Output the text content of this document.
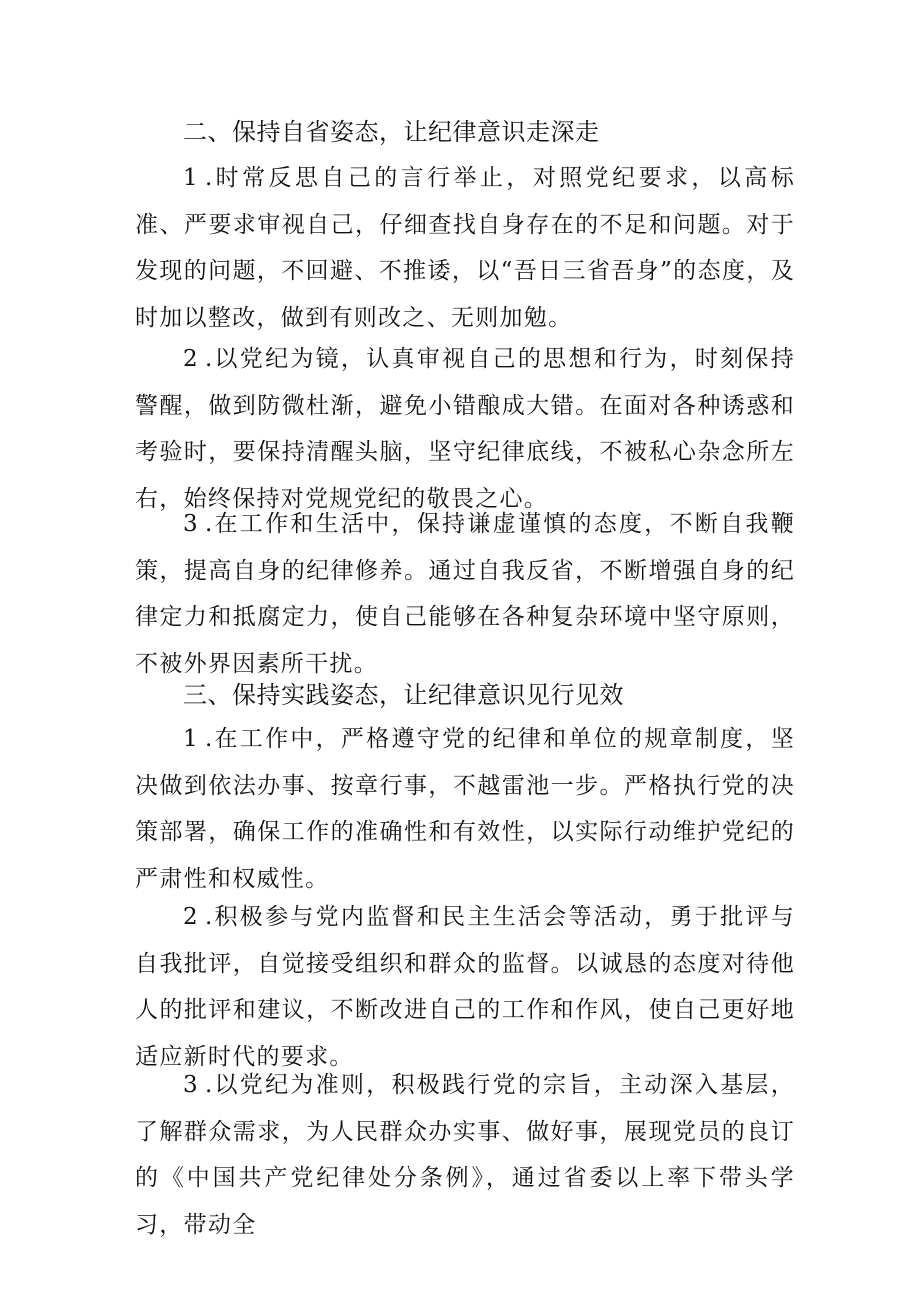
二、保持自省姿态，让纪律意识走深走

1 .时常反思自己的言行举止，对照党纪要求，以高标准、严要求审视自己，仔细查找自身存在的不足和问题。对于发现的问题，不回避、不推诿，以“吾日三省吾身”的态度，及时加以整改，做到有则改之、无则加勉。

2 .以党纪为镜，认真审视自己的思想和行为，时刻保持警醒，做到防微杜渐，避免小错酿成大错。在面对各种诱惑和考验时，要保持清醒头脑，坚守纪律底线，不被私心杂念所左右，始终保持对党规党纪的敬畏之心。

3 .在工作和生活中，保持谦虚谨慎的态度，不断自我鞭策，提高自身的纪律修养。通过自我反省，不断增强自身的纪律定力和抵腐定力，使自己能够在各种复杂环境中坚守原则，不被外界因素所干扰。

三、保持实践姿态，让纪律意识见行见效

1 .在工作中，严格遵守党的纪律和单位的规章制度，坚决做到依法办事、按章行事，不越雷池一步。严格执行党的决策部署，确保工作的准确性和有效性，以实际行动维护党纪的严肃性和权威性。

2 .积极参与党内监督和民主生活会等活动，勇于批评与自我批评，自觉接受组织和群众的监督。以诚恳的态度对待他人的批评和建议，不断改进自己的工作和作风，使自己更好地适应新时代的要求。

3 .以党纪为准则，积极践行党的宗旨，主动深入基层，了解群众需求，为人民群众办实事、做好事，展现党员的良订的《中国共产党纪律处分条例》，通过省委以上率下带头学习，带动全
